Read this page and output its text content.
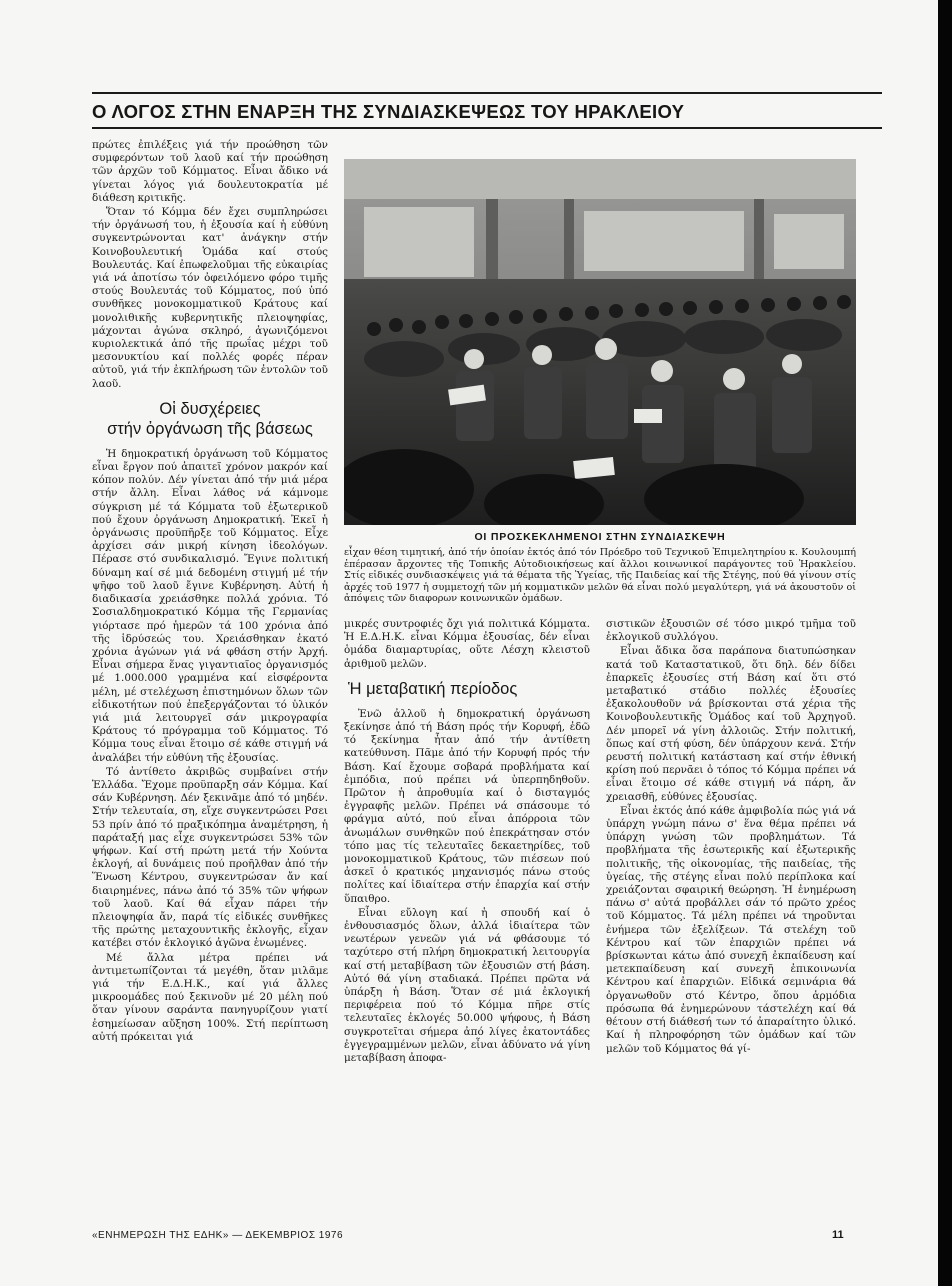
Ο ΛΟΓΟΣ ΣΤΗΝ ΕΝΑΡΞΗ ΤΗΣ ΣΥΝΔΙΑΣΚΕΨΕΩΣ ΤΟΥ ΗΡΑΚΛΕΙΟΥ

πρώτες ἐπιλέξεις γιά τήν προώθηση τῶν συμφερόντων τοῦ λαοῦ καί τήν προώθηση τῶν ἀρχῶν τοῦ Κόμματος. Εἶναι ἄδικο νά γίνεται λόγος γιά δουλευτοκρατία μέ διάθεση κριτικῆς.

Ὅταν τό Κόμμα δέν ἔχει συμπληρώσει τήν ὀργάνωσή του, ἡ ἐξουσία καί ἡ εὐθύνη συγκεντρώνονται κατ' ἀνάγκην στήν Κοινοβουλευτική Ὁμάδα καί στούς Βουλευτάς. Καί ἐπωφελοῦμαι τῆς εὐκαιρίας γιά νά ἀποτίσω τόν ὀφειλόμενο φόρο τιμῆς στούς Βουλευτάς τοῦ Κόμματος, πού ὑπό συνθῆκες μονοκομματικοῦ Κράτους καί μονολιθικῆς κυβερνητικῆς πλειοψηφίας, μάχονται ἀγώνα σκληρό, ἀγωνιζόμενοι κυριολεκτικά ἀπό τῆς πρωΐας μέχρι τοῦ μεσονυκτίου καί πολλές φορές πέραν αὐτοῦ, γιά τήν ἐκπλήρωση τῶν ἐντολῶν τοῦ λαοῦ.

Οἱ δυσχέρειες
στήν ὀργάνωση τῆς βάσεως

Ἡ δημοκρατική ὀργάνωση τοῦ Κόμματος εἶναι ἔργον πού ἀπαιτεῖ χρόνον μακρόν καί κόπον πολύν. Δέν γίνεται ἀπό τήν μιά μέρα στήν ἄλλη. Εἶναι λάθος νά κάμνομε σύγκριση μέ τά Κόμματα τοῦ ἐξωτερικοῦ πού ἔχουν ὀργάνωση Δημοκρατική. Ἐκεῖ ἡ ὀργάνωσις προϋπῆρξε τοῦ Κόμματος. Εἶχε ἀρχίσει σάν μικρή κίνηση ἰδεολόγων. Πέρασε στό συνδικαλισμό. Ἔγινε πολιτική δύναμη καί σέ μιά δεδομένη στιγμή μέ τήν ψῆφο τοῦ λαοῦ ἔγινε Κυβέρνηση. Αὐτή ἡ διαδικασία χρειάσθηκε πολλά χρόνια. Τό Σοσιαλδημοκρατικό Κόμμα τῆς Γερμανίας γιόρτασε πρό ἡμερῶν τά 100 χρόνια ἀπό τῆς ἱδρύσεώς του. Χρειάσθηκαν ἑκατό χρόνια ἀγώνων γιά νά φθάση στήν Ἀρχή. Εἶναι σήμερα ἕνας γιγαντιαῖος ὀργανισμός μέ 1.000.000 γραμμένα καί εἰσφέροντα μέλη, μέ στελέχωση ἐπιστημόνων ὅλων τῶν εἰδικοτήτων πού ἐπεξεργάζονται τό ὑλικόν γιά μιά λειτουργεῖ σάν μικρογραφία Κράτους τό πρόγραμμα τοῦ Κόμματος. Τό Κόμμα τους εἶναι ἕτοιμο σέ κάθε στιγμή νά ἀναλάβει τήν εὐθύνη τῆς ἐξουσίας.

Τό ἀντίθετο ἀκριβῶς συμβαίνει στήν Ἑλλάδα. Ἔχομε προϋπαρξη σάν Κόμμα. Καί σάν Κυβέρνηση. Δέν ξεκινᾶμε ἀπό τό μηδέν. Στήν τελευταία, ση, εἴχε συγκεντρώσει Ρσει 53 πρίν ἀπό τό πραξικόπημα ἀναμέτρηση, ἡ παράταξή μας εἶχε συγκεντρώσει 53% τῶν ψήφων. Καί στή πρώτη μετά τήν Χούντα ἐκλογή, αἱ δυνάμεις πού προῆλθαν ἀπό τήν Ἕνωση Κέντρου, συγκεντρώσαν ἄν καί διαιρημένες, πάνω ἀπό τό 35% τῶν ψήφων τοῦ λαοῦ. Καί θά εἶχαν πάρει τήν πλειοψηφία ἄν, παρά τίς εἰδικές συνθῆκες τῆς πρώτης μεταχουντικῆς ἐκλογῆς, εἶχαν κατέβει στόν ἐκλογικό ἀγῶνα ἑνωμένες.

Μέ ἄλλα μέτρα πρέπει νά ἀντιμετωπίζονται τά μεγέθη, ὅταν μιλᾶμε γιά τήν Ε.Δ.Η.Κ., καί γιά ἄλλες μικροομάδες πού ξεκινοῦν μέ 20 μέλη πού ὅταν γίνουν σαράντα πανηγυρίζουν γιατί ἐσημείωσαν αὔξηση 100%. Στή περίπτωση αὐτή πρόκειται γιά

ΟΙ ΠΡΟΣΚΕΚΛΗΜΕΝΟΙ ΣΤΗΝ ΣΥΝΔΙΑΣΚΕΨΗ
εἶχαν θέση τιμητική, ἀπό τήν ὁποίαν ἐκτός ἀπό τόν Πρόεδρο τοῦ Τεχνικοῦ Ἐπιμελητηρίου κ. Κουλουμπή ἐπέρασαν ἄρχοντες τῆς Τοπικῆς Αὐτοδιοικήσεως καί ἄλλοι κοινωνικοί παράγοντες τοῦ Ἡρακλείου. Στίς εἰδικές συνδιασκέψεις γιά τά θέματα τῆς Ὑγείας, τῆς Παιδείας καί τῆς Στέγης, πού θά γίνουν στίς ἀρχές τοῦ 1977 ἡ συμμετοχή τῶν μή κομματικῶν μελῶν θά εἶναι πολύ μεγαλύτερη, γιά νά ἀκουστοῦν οἱ ἀπόψεις τῶν διαφορων κοινωνικῶν ὁμάδων.

μικρές συντροφιές ὄχι γιά πολιτικά Κόμματα. Ἡ Ε.Δ.Η.Κ. εἶναι Κόμμα ἐξουσίας, δέν εἶναι ὁμάδα διαμαρτυρίας, οὔτε Λέσχη κλειστοῦ ἀριθμοῦ μελῶν.

Ἡ μεταβατική περίοδος

Ἐνῶ ἀλλοῦ ἡ δημοκρατική ὀργάνωση ξεκίνησε ἀπό τή Βάση πρός τήν Κορυφή, ἐδῶ τό ξεκίνημα ἦταν ἀπό τήν ἀντίθετη κατεύθυνση. Πᾶμε ἀπό τήν Κορυφή πρός τήν Βάση. Καί ἔχουμε σοβαρά προβλήματα καί ἐμπόδια, πού πρέπει νά ὑπερπηδηθοῦν. Πρῶτον ἡ ἀπροθυμία καί ὁ δισταγμός ἐγγραφῆς μελῶν. Πρέπει νά σπάσουμε τό φράγμα αὐτό, πού εἶναι ἀπόρροια τῶν ἀνωμάλων συνθηκῶν πού ἐπεκράτησαν στόν τόπο μας τίς τελευταῖες δεκαετηρίδες, τοῦ μονοκομματικοῦ Κράτους, τῶν πιέσεων πού ἀσκεῖ ὁ κρατικός μηχανισμός πάνω στούς πολίτες καί ἰδιαίτερα στήν ἐπαρχία καί στήν ὕπαιθρο.

Εἶναι εὔλογη καί ἡ σπουδή καί ὁ ἐνθουσιασμός ὅλων, ἀλλά ἰδιαίτερα τῶν νεωτέρων γενεῶν γιά νά φθάσουμε τό ταχύτερο στή πλήρη δημοκρατική λειτουργία καί στή μεταβίβαση τῶν ἐξουσιῶν στή βάση. Αὐτό θά γίνη σταδιακά. Πρέπει πρῶτα νά ὑπάρξη ἡ Βάση. Ὅταν σέ μιά ἐκλογική περιφέρεια πού τό Κόμμα πῆρε στίς τελευταῖες ἐκλογές 50.000 ψήφους, ἡ Βάση συγκροτεῖται σήμερα ἀπό λίγες ἑκατοντάδες ἐγγεγραμμένων μελῶν, εἶναι ἀδύνατο νά γίνη μεταβίβαση ἀποφα-

σιστικῶν ἐξουσιῶν σέ τόσο μικρό τμῆμα τοῦ ἐκλογικοῦ συλλόγου.

Εἶναι ἄδικα ὅσα παράπονα διατυπώσηκαν κατά τοῦ Καταστατικοῦ, ὅτι δηλ. δέν δίδει ἐπαρκεῖς ἐξουσίες στή Βάση καί ὅτι στό μεταβατικό στάδιο πολλές ἐξουσίες ἐξακολουθοῦν νά βρίσκονται στά χέρια τῆς Κοινοβουλευτικῆς Ὁμάδος καί τοῦ Ἀρχηγοῦ. Δέν μπορεῖ νά γίνη ἀλλοιῶς. Στήν πολιτική, ὅπως καί στή φύση, δέν ὑπάρχουν κενά. Στήν ρευστή πολιτική κατάσταση καί στήν ἐθνική κρίση πού περνᾶει ὁ τόπος τό Κόμμα πρέπει νά εἶναι ἕτοιμο σέ κάθε στιγμή νά πάρη, ἄν χρειασθῆ, εὐθύνες ἐξουσίας.

Εἶναι ἐκτός ἀπό κάθε ἀμφιβολία πώς γιά νά ὑπάρχη γνώμη πάνω σ' ἕνα θέμα πρέπει νά ὑπάρχη γνώση τῶν προβλημάτων. Τά προβλήματα τῆς ἐσωτερικῆς καί ἐξωτερικῆς πολιτικῆς, τῆς οἰκονομίας, τῆς παιδείας, τῆς ὑγείας, τῆς στέγης εἶναι πολύ περίπλοκα καί χρειάζονται σφαιρική θεώρηση. Ἡ ἐνημέρωση πάνω σ' αὐτά προβάλλει σάν τό πρῶτο χρέος τοῦ Κόμματος. Τά μέλη πρέπει νά τηροῦνται ἐνήμερα τῶν ἐξελίξεων. Τά στελέχη τοῦ Κέντρου καί τῶν ἐπαρχιῶν πρέπει νά βρίσκωνται κάτω ἀπό συνεχῆ ἐκπαίδευση καί μετεκπαίδευση καί συνεχῆ ἐπικοινωνία Κέντρου καί ἐπαρχιῶν. Εἰδικά σεμινάρια θά ὀργανωθοῦν στό Κέντρο, ὅπου ἁρμόδια πρόσωπα θά ἐνημερώνουν τάστελέχη καί θά θέτουν στή διάθεσή των τό ἀπαραίτητο ὑλικό. Καί ἡ πληροφόρηση τῶν ὁμάδων καί τῶν μελῶν τοῦ Κόμματος θά γί-

«ΕΝΗΜΕΡΩΣΗ ΤΗΣ ΕΔΗΚ» — ΔΕΚΕΜΒΡΙΟΣ 1976	11
